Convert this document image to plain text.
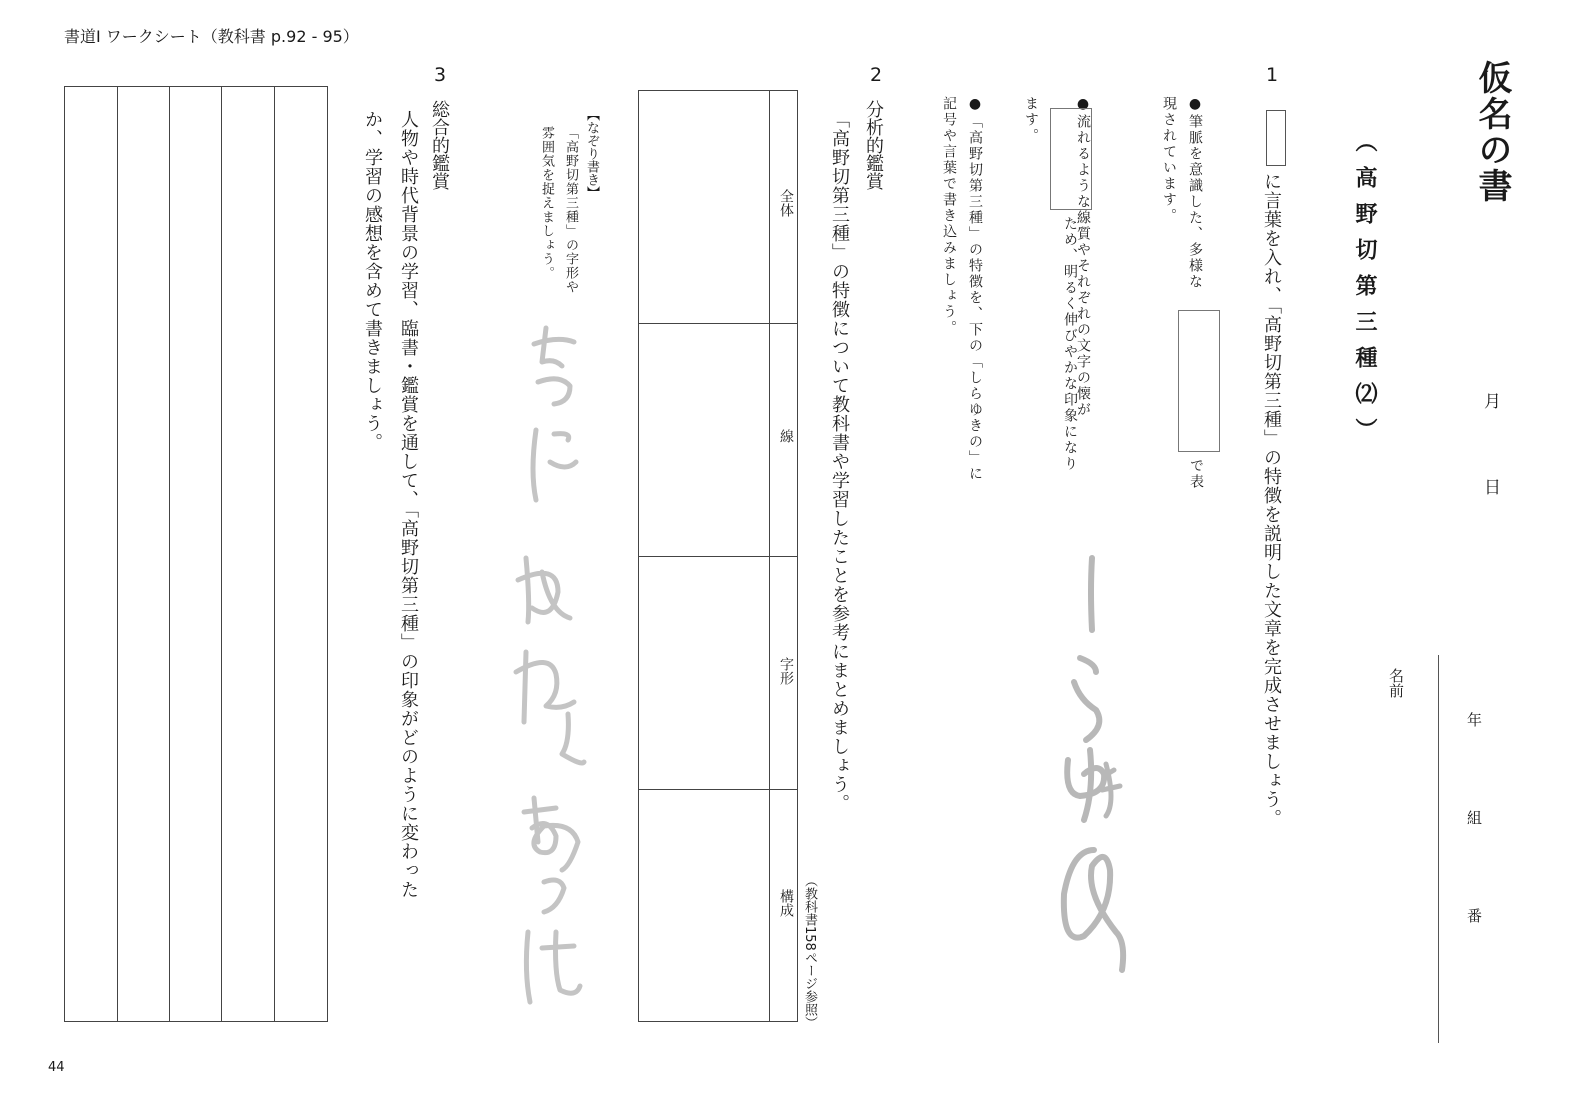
書道Ⅰ ワークシート（教科書 p.92 - 95）
44
仮名の書
（高野切第三種⑵）	月
日
名前
年
組
番
1
に言葉を入れ、「高野切第三種」の特徴を説明した文章を完成させましょう。
●筆脈を意識した、多様な
現されています。
で表
●流れるような線質やそれぞれの文字の懐が

ます。
ため、明るく伸びやかな印象になり
●「高野切第三種」の特徴を、下の「しらゆきの」に
記号や言葉で書き込みましょう。
2
分析的鑑賞
「高野切第三種」の特徴について教科書や学習したことを参考にまとめましょう。
（教科書158ページ参照）
全体
線
字形
構成
【なぞり書き】
「高野切第三種」の字形や
雰囲気を捉えましょう。
3
総合的鑑賞
人物や時代背景の学習、臨書・鑑賞を通して、「高野切第三種」の印象がどのように変わった
か、学習の感想を含めて書きましょう。
